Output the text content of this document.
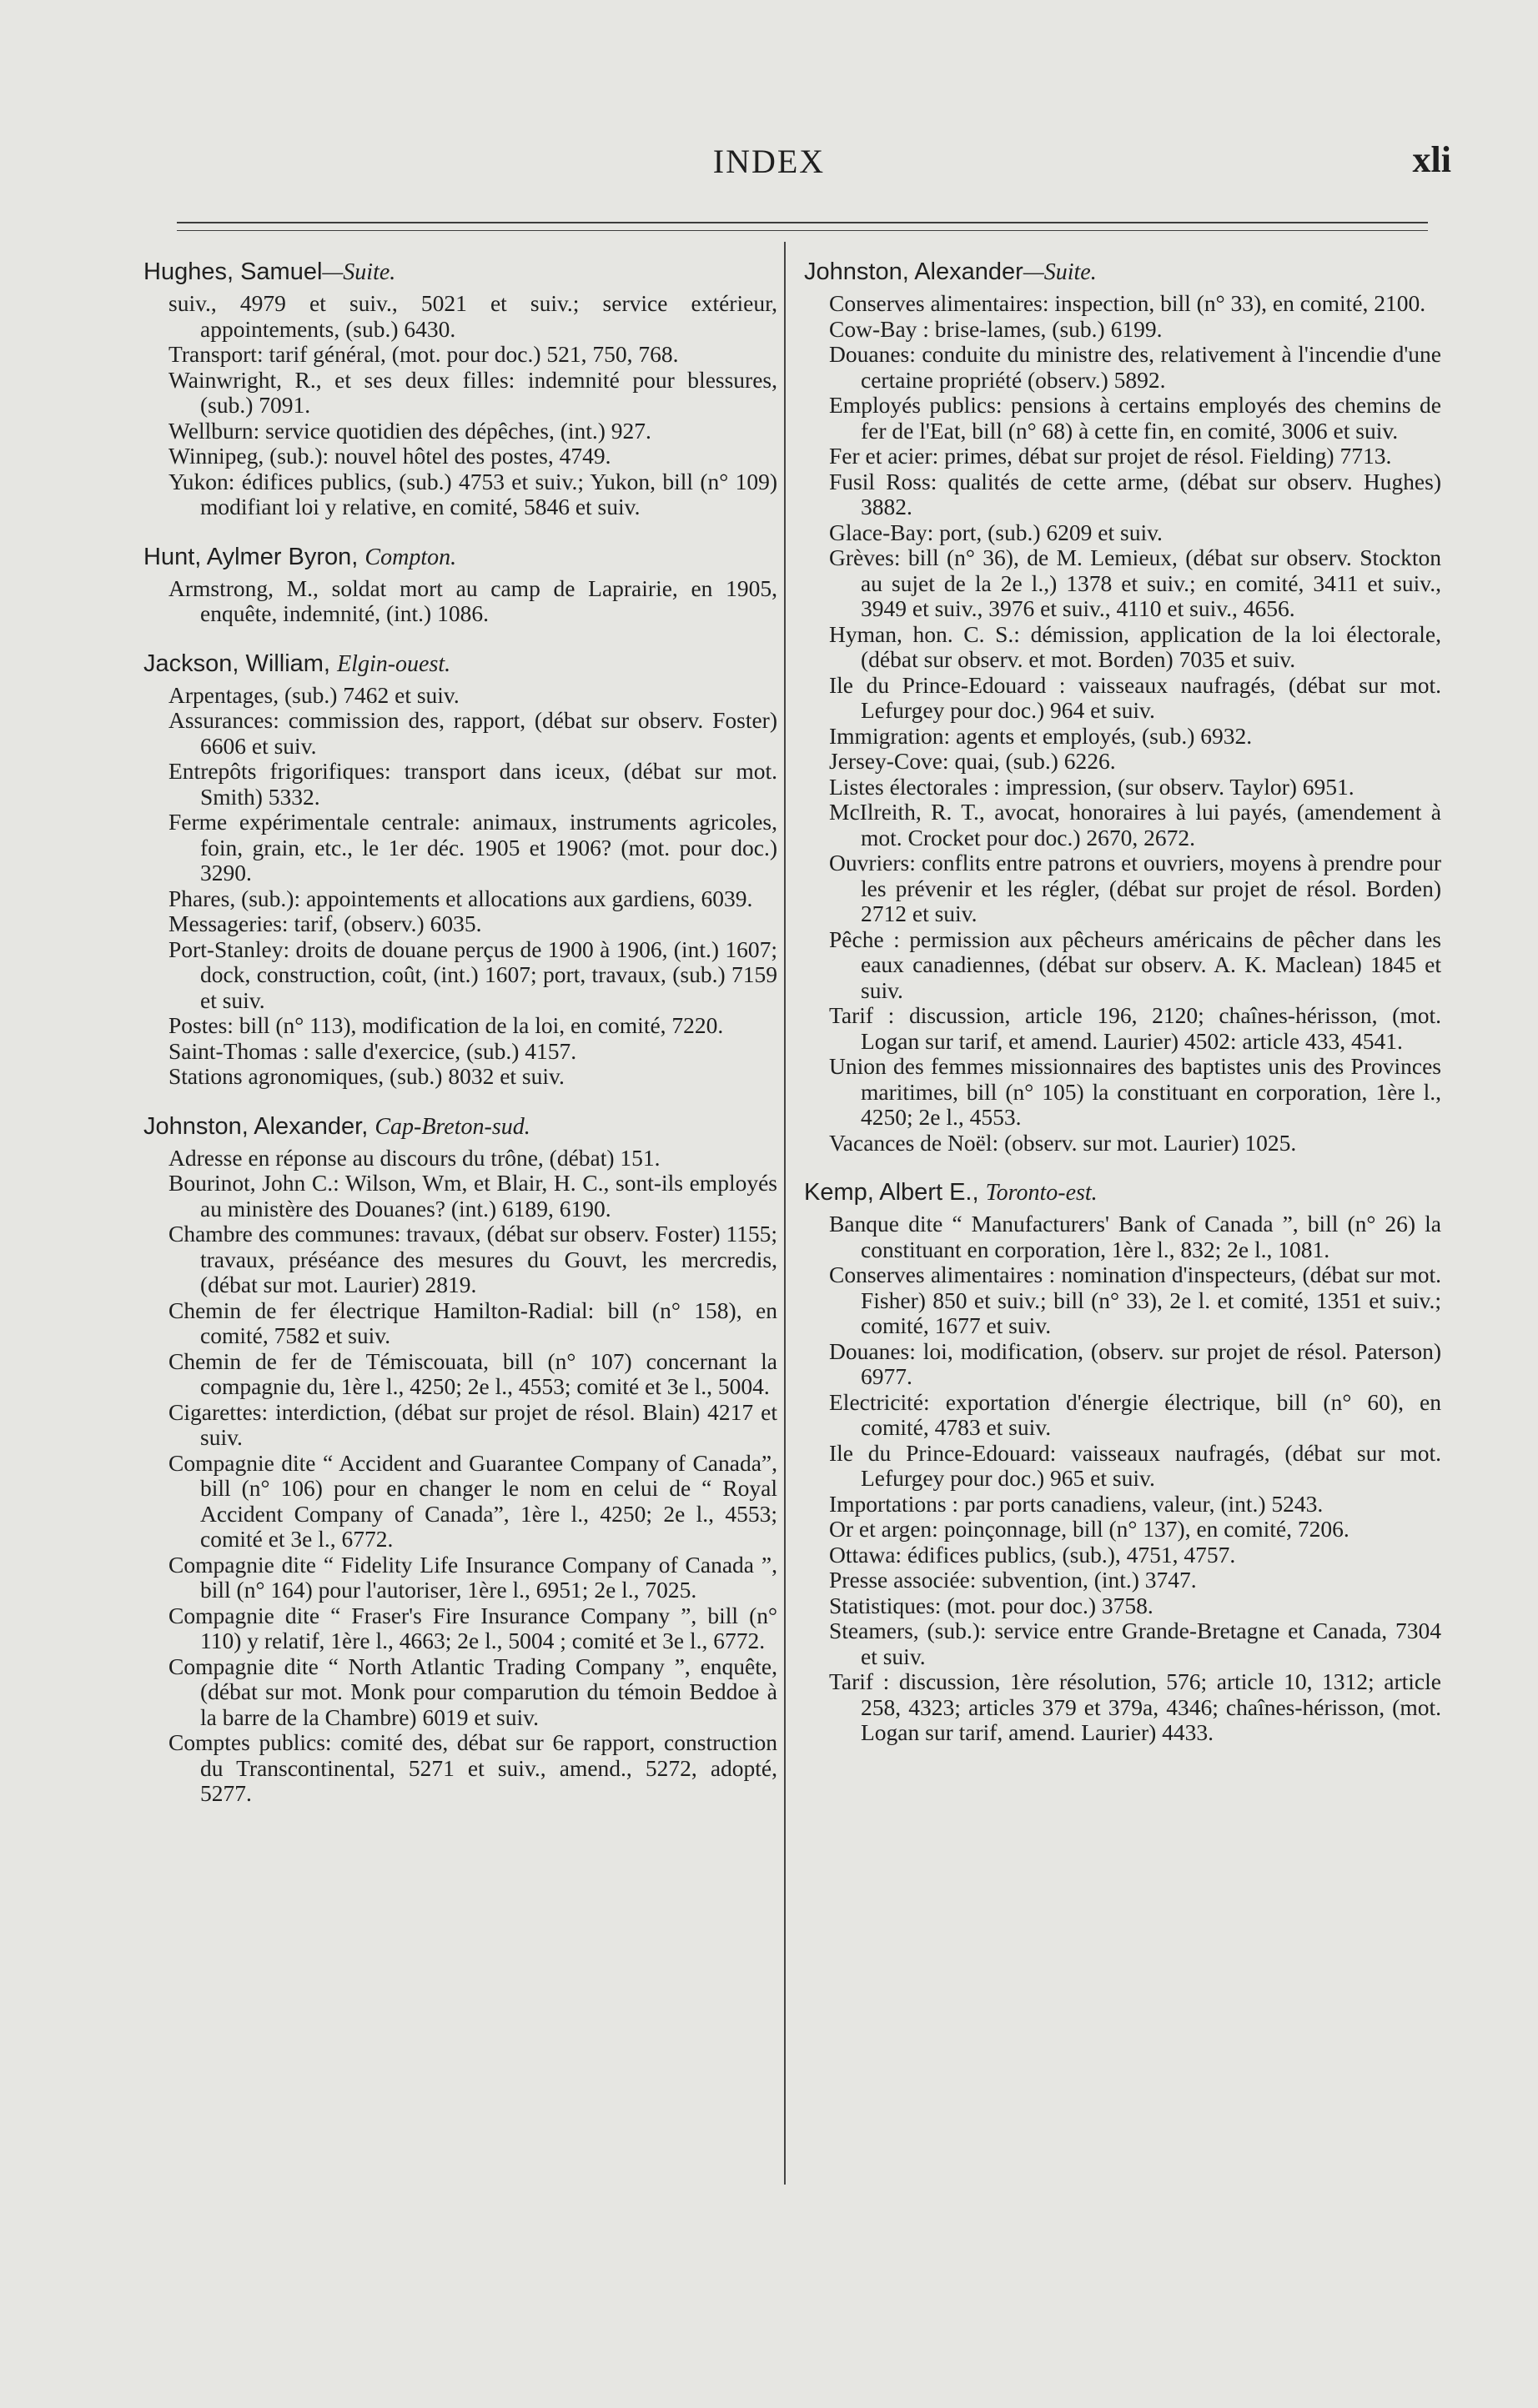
INDEX	xli
Hughes, Samuel—Suite.
suiv., 4979 et suiv., 5021 et suiv.; service extérieur, appointements, (sub.) 6430.
Transport: tarif général, (mot. pour doc.) 521, 750, 768.
Wainwright, R., et ses deux filles: indemnité pour blessures, (sub.) 7091.
Wellburn: service quotidien des dépêches, (int.) 927.
Winnipeg, (sub.): nouvel hôtel des postes, 4749.
Yukon: édifices publics, (sub.) 4753 et suiv.; Yukon, bill (n° 109) modifiant loi y relative, en comité, 5846 et suiv.
Hunt, Aylmer Byron, Compton.
Armstrong, M., soldat mort au camp de Laprairie, en 1905, enquête, indemnité, (int.) 1086.
Jackson, William, Elgin-ouest.
Arpentages, (sub.) 7462 et suiv.
Assurances: commission des, rapport, (débat sur observ. Foster) 6606 et suiv.
Entrepôts frigorifiques: transport dans iceux, (débat sur mot. Smith) 5332.
Ferme expérimentale centrale: animaux, instruments agricoles, foin, grain, etc., le 1er déc. 1905 et 1906? (mot. pour doc.) 3290.
Phares, (sub.): appointements et allocations aux gardiens, 6039.
Messageries: tarif, (observ.) 6035.
Port-Stanley: droits de douane perçus de 1900 à 1906, (int.) 1607; dock, construction, coût, (int.) 1607; port, travaux, (sub.) 7159 et suiv.
Postes: bill (n° 113), modification de la loi, en comité, 7220.
Saint-Thomas : salle d'exercice, (sub.) 4157.
Stations agronomiques, (sub.) 8032 et suiv.
Johnston, Alexander, Cap-Breton-sud.
Adresse en réponse au discours du trône, (débat) 151.
Bourinot, John C.: Wilson, Wm, et Blair, H. C., sont-ils employés au ministère des Douanes? (int.) 6189, 6190.
Chambre des communes: travaux, (débat sur observ. Foster) 1155; travaux, préséance des mesures du Gouvt, les mercredis, (débat sur mot. Laurier) 2819.
Chemin de fer électrique Hamilton-Radial: bill (n° 158), en comité, 7582 et suiv.
Chemin de fer de Témiscouata, bill (n° 107) concernant la compagnie du, 1ère l., 4250; 2e l., 4553; comité et 3e l., 5004.
Cigarettes: interdiction, (débat sur projet de résol. Blain) 4217 et suiv.
Compagnie dite “ Accident and Guarantee Company of Canada”, bill (n° 106) pour en changer le nom en celui de “ Royal Accident Company of Canada”, 1ère l., 4250; 2e l., 4553; comité et 3e l., 6772.
Compagnie dite “ Fidelity Life Insurance Company of Canada ”, bill (n° 164) pour l'autoriser, 1ère l., 6951; 2e l., 7025.
Compagnie dite “ Fraser's Fire Insurance Company ”, bill (n° 110) y relatif, 1ère l., 4663; 2e l., 5004 ; comité et 3e l., 6772.
Compagnie dite “ North Atlantic Trading Company ”, enquête, (débat sur mot. Monk pour comparution du témoin Beddoe à la barre de la Chambre) 6019 et suiv.
Comptes publics: comité des, débat sur 6e rapport, construction du Transcontinental, 5271 et suiv., amend., 5272, adopté, 5277.
Johnston, Alexander—Suite.
Conserves alimentaires: inspection, bill (n° 33), en comité, 2100.
Cow-Bay : brise-lames, (sub.) 6199.
Douanes: conduite du ministre des, relativement à l'incendie d'une certaine propriété (observ.) 5892.
Employés publics: pensions à certains employés des chemins de fer de l'Eat, bill (n° 68) à cette fin, en comité, 3006 et suiv.
Fer et acier: primes, débat sur projet de résol. Fielding) 7713.
Fusil Ross: qualités de cette arme, (débat sur observ. Hughes) 3882.
Glace-Bay: port, (sub.) 6209 et suiv.
Grèves: bill (n° 36), de M. Lemieux, (débat sur observ. Stockton au sujet de la 2e l.,) 1378 et suiv.; en comité, 3411 et suiv., 3949 et suiv., 3976 et suiv., 4110 et suiv., 4656.
Hyman, hon. C. S.: démission, application de la loi électorale, (débat sur observ. et mot. Borden) 7035 et suiv.
Ile du Prince-Edouard : vaisseaux naufragés, (débat sur mot. Lefurgey pour doc.) 964 et suiv.
Immigration: agents et employés, (sub.) 6932.
Jersey-Cove: quai, (sub.) 6226.
Listes électorales : impression, (sur observ. Taylor) 6951.
McIlreith, R. T., avocat, honoraires à lui payés, (amendement à mot. Crocket pour doc.) 2670, 2672.
Ouvriers: conflits entre patrons et ouvriers, moyens à prendre pour les prévenir et les régler, (débat sur projet de résol. Borden) 2712 et suiv.
Pêche : permission aux pêcheurs américains de pêcher dans les eaux canadiennes, (débat sur observ. A. K. Maclean) 1845 et suiv.
Tarif : discussion, article 196, 2120; chaînes-hérisson, (mot. Logan sur tarif, et amend. Laurier) 4502: article 433, 4541.
Union des femmes missionnaires des baptistes unis des Provinces maritimes, bill (n° 105) la constituant en corporation, 1ère l., 4250; 2e l., 4553.
Vacances de Noël: (observ. sur mot. Laurier) 1025.
Kemp, Albert E., Toronto-est.
Banque dite “ Manufacturers' Bank of Canada ”, bill (n° 26) la constituant en corporation, 1ère l., 832; 2e l., 1081.
Conserves alimentaires : nomination d'inspecteurs, (débat sur mot. Fisher) 850 et suiv.; bill (n° 33), 2e l. et comité, 1351 et suiv.; comité, 1677 et suiv.
Douanes: loi, modification, (observ. sur projet de résol. Paterson) 6977.
Electricité: exportation d'énergie électrique, bill (n° 60), en comité, 4783 et suiv.
Ile du Prince-Edouard: vaisseaux naufragés, (débat sur mot. Lefurgey pour doc.) 965 et suiv.
Importations : par ports canadiens, valeur, (int.) 5243.
Or et argen: poinçonnage, bill (n° 137), en comité, 7206.
Ottawa: édifices publics, (sub.), 4751, 4757.
Presse associée: subvention, (int.) 3747.
Statistiques: (mot. pour doc.) 3758.
Steamers, (sub.): service entre Grande-Bretagne et Canada, 7304 et suiv.
Tarif : discussion, 1ère résolution, 576; article 10, 1312; article 258, 4323; articles 379 et 379a, 4346; chaînes-hérisson, (mot. Logan sur tarif, amend. Laurier) 4433.
